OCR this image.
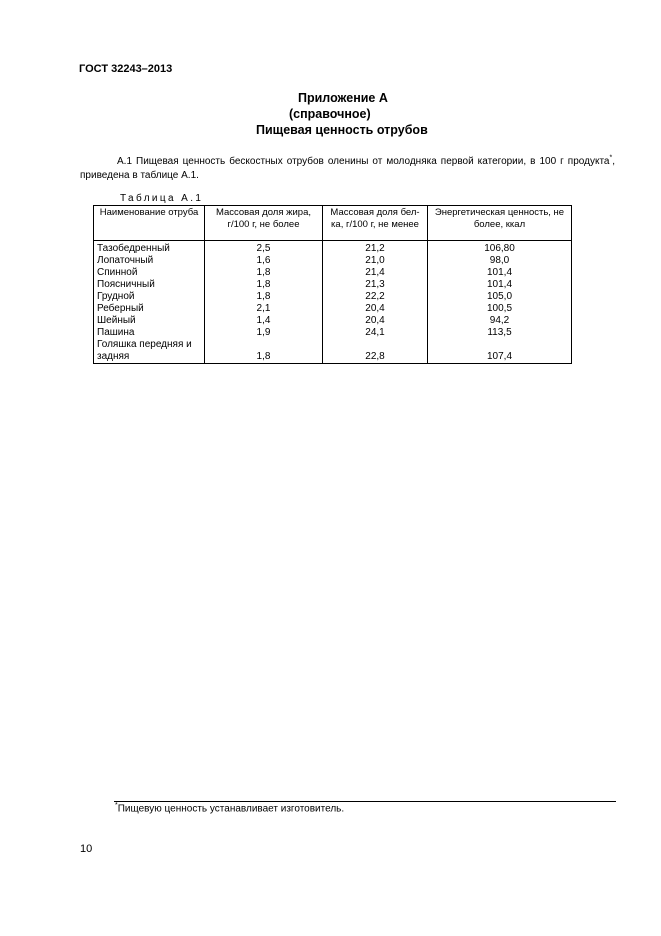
ГОСТ 32243–2013
Приложение А
(справочное)
Пищевая ценность отрубов
А.1 Пищевая ценность бескостных отрубов оленины от молодняка первой категории, в 100 г продукта*, приведена в таблице А.1.
Таблица А.1
Наименование отруба	Массовая доля жира, г/100 г, не более	Массовая доля бел-ка, г/100 г, не менее	Энергетическая ценность, не более, ккал
Тазобедренный	2,5	21,2	106,80
Лопаточный	1,6	21,0	98,0
Спинной	1,8	21,4	101,4
Поясничный	1,8	21,3	101,4
Грудной	1,8	22,2	105,0
Реберный	2,1	20,4	100,5
Шейный	1,4	20,4	94,2
Пашина	1,9	24,1	113,5
Голяшка передняя и задняя	1,8	22,8	107,4
*Пищевую ценность устанавливает изготовитель.
10
